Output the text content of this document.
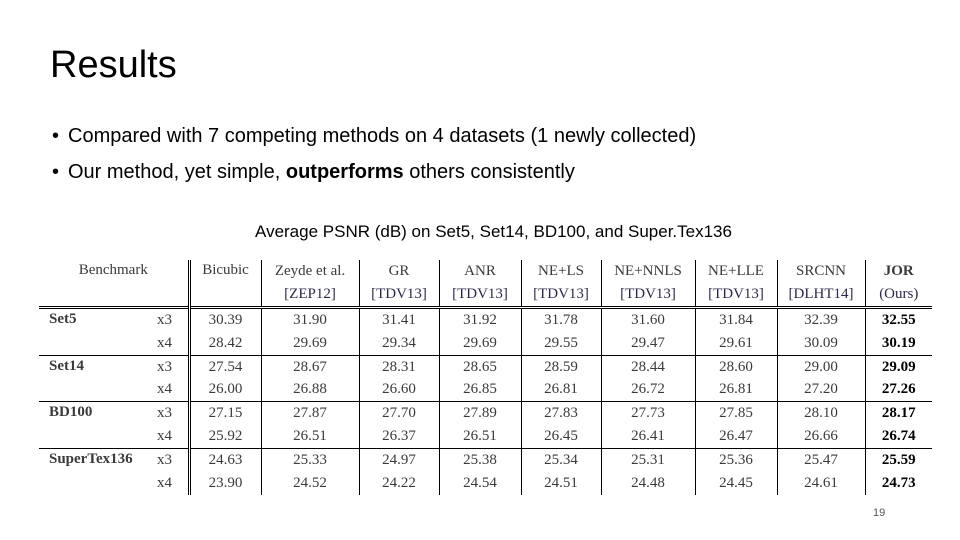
Results
• Compared with 7 competing methods on 4 datasets (1 newly collected)
• Our method, yet simple, outperforms others consistently
Average PSNR (dB) on Set5, Set14, BD100, and Super.Tex136
Benchmark		Bicubic	Zeyde et al.	GR	ANR	NE+LS	NE+NNLS	NE+LLE	SRCNN	JOR
			[ZEP12]	[TDV13]	[TDV13]	[TDV13]	[TDV13]	[TDV13]	[DLHT14]	(Ours)
Set5	x3	30.39	31.90	31.41	31.92	31.78	31.60	31.84	32.39	32.55
	x4	28.42	29.69	29.34	29.69	29.55	29.47	29.61	30.09	30.19
Set14	x3	27.54	28.67	28.31	28.65	28.59	28.44	28.60	29.00	29.09
	x4	26.00	26.88	26.60	26.85	26.81	26.72	26.81	27.20	27.26
BD100	x3	27.15	27.87	27.70	27.89	27.83	27.73	27.85	28.10	28.17
	x4	25.92	26.51	26.37	26.51	26.45	26.41	26.47	26.66	26.74
SuperTex136	x3	24.63	25.33	24.97	25.38	25.34	25.31	25.36	25.47	25.59
	x4	23.90	24.52	24.22	24.54	24.51	24.48	24.45	24.61	24.73
19
